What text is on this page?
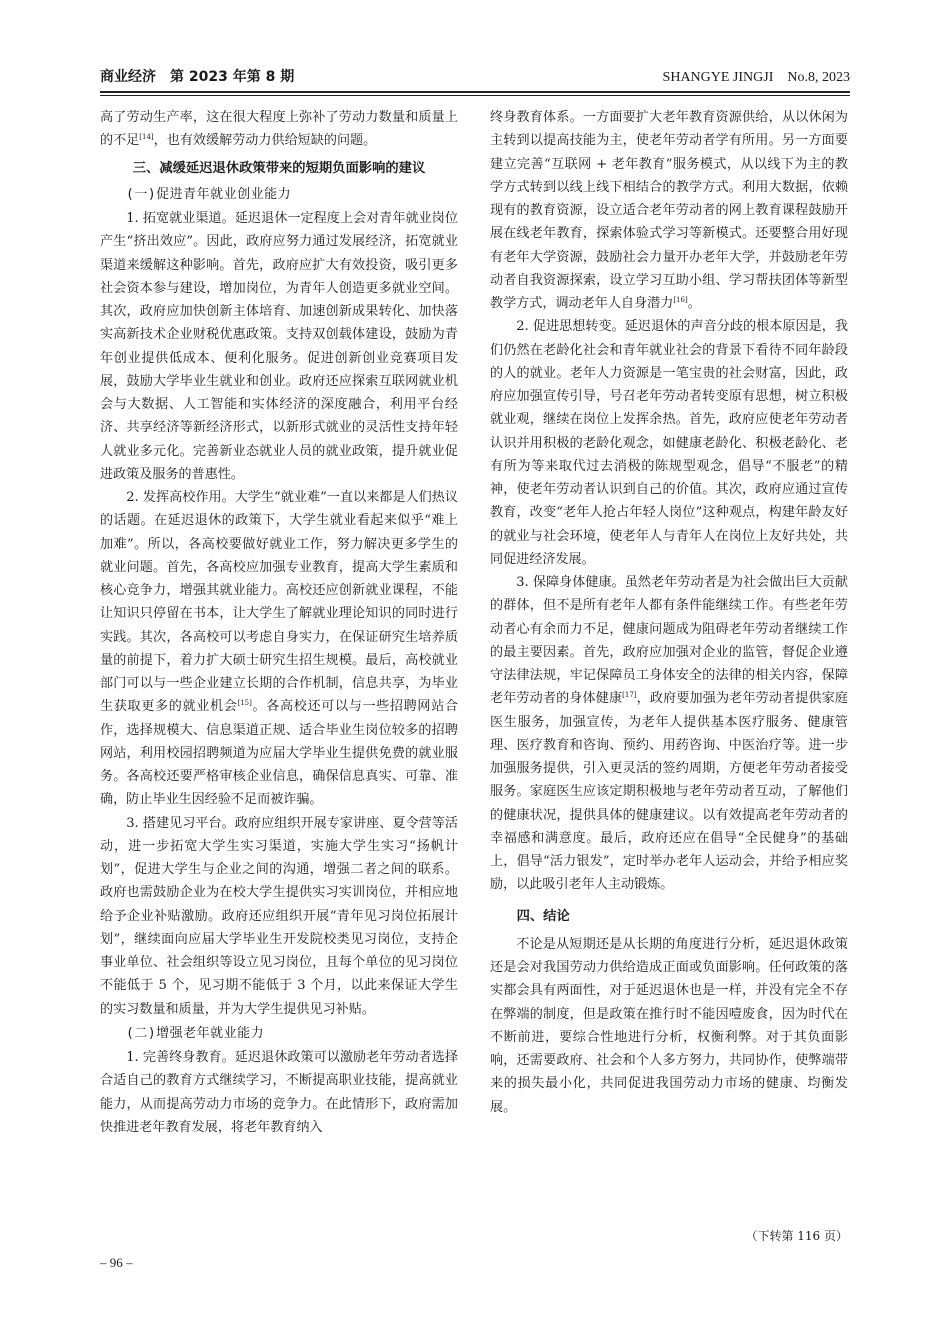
商业经济　第 2023 年第 8 期	SHANGYE JINGJI　No.8, 2023

高了劳动生产率，这在很大程度上弥补了劳动力数量和质量上的不足[14]，也有效缓解劳动力供给短缺的问题。

三、减缓延迟退休政策带来的短期负面影响的建议
(一)促进青年就业创业能力

1. 拓宽就业渠道。延迟退休一定程度上会对青年就业岗位产生“挤出效应”。因此，政府应努力通过发展经济，拓宽就业渠道来缓解这种影响。首先，政府应扩大有效投资，吸引更多社会资本参与建设，增加岗位，为青年人创造更多就业空间。其次，政府应加快创新主体培育、加速创新成果转化、加快落实高新技术企业财税优惠政策。支持双创载体建设，鼓励为青年创业提供低成本、便利化服务。促进创新创业竞赛项目发展，鼓励大学毕业生就业和创业。政府还应探索互联网就业机会与大数据、人工智能和实体经济的深度融合，利用平台经济、共享经济等新经济形式，以新形式就业的灵活性支持年轻人就业多元化。完善新业态就业人员的就业政策，提升就业促进政策及服务的普惠性。

2. 发挥高校作用。大学生“就业难”一直以来都是人们热议的话题。在延迟退休的政策下，大学生就业看起来似乎“难上加难”。所以，各高校要做好就业工作，努力解决更多学生的就业问题。首先，各高校应加强专业教育，提高大学生素质和核心竞争力，增强其就业能力。高校还应创新就业课程，不能让知识只停留在书本，让大学生了解就业理论知识的同时进行实践。其次，各高校可以考虑自身实力，在保证研究生培养质量的前提下，着力扩大硕士研究生招生规模。最后，高校就业部门可以与一些企业建立长期的合作机制，信息共享，为毕业生获取更多的就业机会[15]。各高校还可以与一些招聘网站合作，选择规模大、信息渠道正规、适合毕业生岗位较多的招聘网站，利用校园招聘频道为应届大学毕业生提供免费的就业服务。各高校还要严格审核企业信息，确保信息真实、可靠、准确，防止毕业生因经验不足而被诈骗。

3. 搭建见习平台。政府应组织开展专家讲座、夏令营等活动，进一步拓宽大学生实习渠道，实施大学生实习“扬帆计划”，促进大学生与企业之间的沟通，增强二者之间的联系。政府也需鼓励企业为在校大学生提供实习实训岗位，并相应地给予企业补贴激励。政府还应组织开展“青年见习岗位拓展计划”，继续面向应届大学毕业生开发院校类见习岗位，支持企事业单位、社会组织等设立见习岗位，且每个单位的见习岗位不能低于 5 个，见习期不能低于 3 个月，以此来保证大学生的实习数量和质量，并为大学生提供见习补贴。

(二)增强老年就业能力

1. 完善终身教育。延迟退休政策可以激励老年劳动者选择合适自己的教育方式继续学习，不断提高职业技能，提高就业能力，从而提高劳动力市场的竞争力。在此情形下，政府需加快推进老年教育发展，将老年教育纳入

终身教育体系。一方面要扩大老年教育资源供给，从以休闲为主转到以提高技能为主，使老年劳动者学有所用。另一方面要建立完善“互联网 + 老年教育”服务模式，从以线下为主的教学方式转到以线上线下相结合的教学方式。利用大数据，依赖现有的教育资源，设立适合老年劳动者的网上教育课程鼓励开展在线老年教育，探索体验式学习等新模式。还要整合用好现有老年大学资源，鼓励社会力量开办老年大学，并鼓励老年劳动者自我资源探索，设立学习互助小组、学习帮扶团体等新型教学方式，调动老年人自身潜力[16]。

2. 促进思想转变。延迟退休的声音分歧的根本原因是，我们仍然在老龄化社会和青年就业社会的背景下看待不同年龄段的人的就业。老年人力资源是一笔宝贵的社会财富，因此，政府应加强宣传引导，号召老年劳动者转变原有思想，树立积极就业观，继续在岗位上发挥余热。首先，政府应使老年劳动者认识并用积极的老龄化观念，如健康老龄化、积极老龄化、老有所为等来取代过去消极的陈规型观念，倡导“不服老”的精神，使老年劳动者认识到自己的价值。其次，政府应通过宣传教育，改变“老年人抢占年轻人岗位”这种观点，构建年龄友好的就业与社会环境，使老年人与青年人在岗位上友好共处，共同促进经济发展。

3. 保障身体健康。虽然老年劳动者是为社会做出巨大贡献的群体，但不是所有老年人都有条件能继续工作。有些老年劳动者心有余而力不足，健康问题成为阻碍老年劳动者继续工作的最主要因素。首先，政府应加强对企业的监管，督促企业遵守法律法规，牢记保障员工身体安全的法律的相关内容，保障老年劳动者的身体健康[17]，政府要加强为老年劳动者提供家庭医生服务，加强宣传，为老年人提供基本医疗服务、健康管理、医疗教育和咨询、预约、用药咨询、中医治疗等。进一步加强服务提供，引入更灵活的签约周期，方便老年劳动者接受服务。家庭医生应该定期积极地与老年劳动者互动，了解他们的健康状况，提供具体的健康建议。以有效提高老年劳动者的幸福感和满意度。最后，政府还应在倡导“全民健身”的基础上，倡导“活力银发”，定时举办老年人运动会，并给予相应奖励，以此吸引老年人主动锻炼。

四、结论

不论是从短期还是从长期的角度进行分析，延迟退休政策还是会对我国劳动力供给造成正面或负面影响。任何政策的落实都会具有两面性，对于延迟退休也是一样，并没有完全不存在弊端的制度，但是政策在推行时不能因噎废食，因为时代在不断前进，要综合性地进行分析，权衡利弊。对于其负面影响，还需要政府、社会和个人多方努力，共同协作，使弊端带来的损失最小化，共同促进我国劳动力市场的健康、均衡发展。

（下转第 116 页）
– 96 –
